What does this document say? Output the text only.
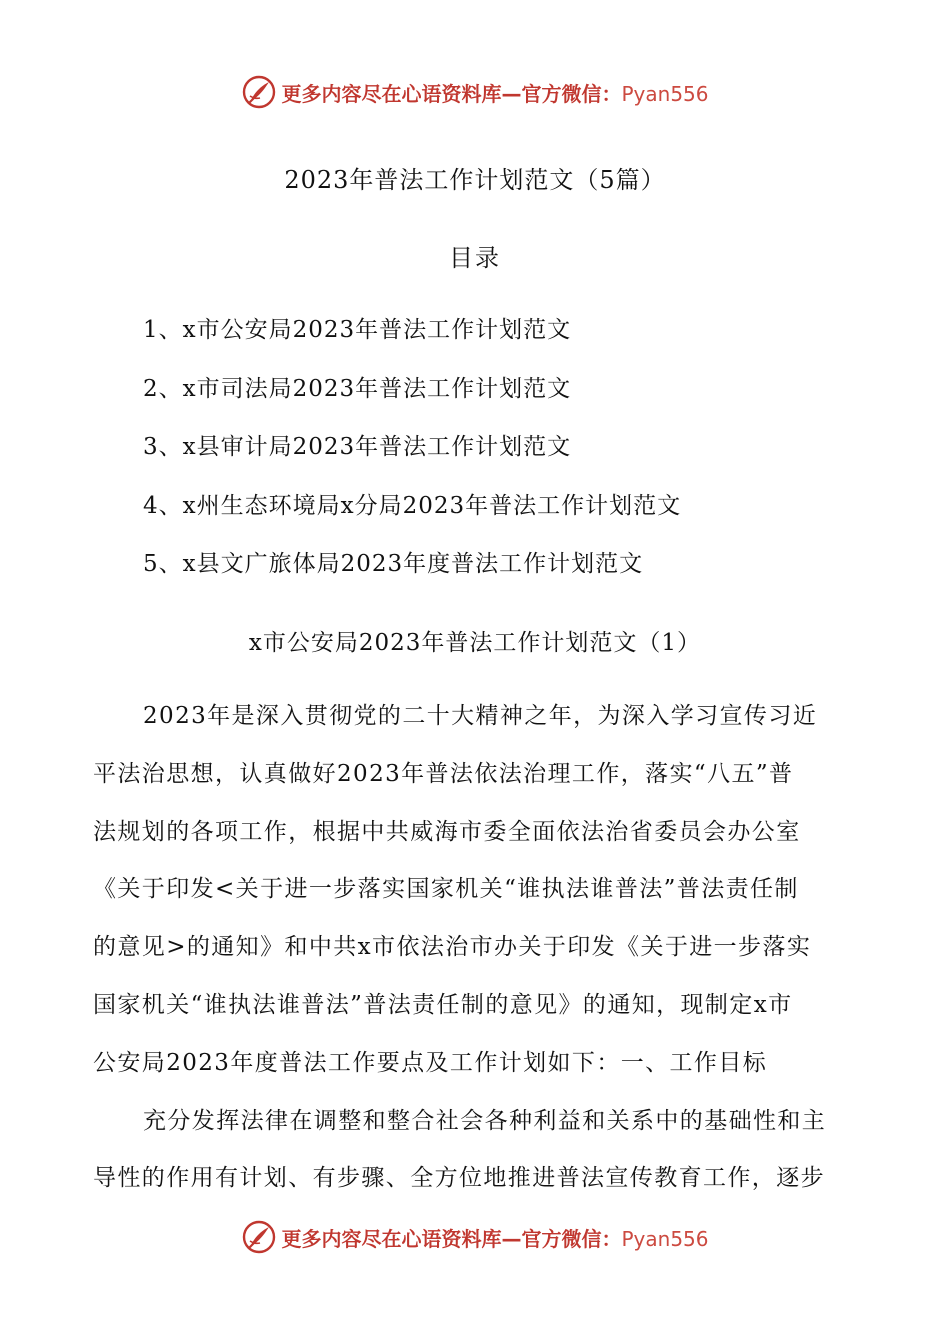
更多内容尽在心语资料库—官方微信：Pyan556
2023年普法工作计划范文（5篇）
目录
1、x市公安局2023年普法工作计划范文
2、x市司法局2023年普法工作计划范文
3、x县审计局2023年普法工作计划范文
4、x州生态环境局x分局2023年普法工作计划范文
5、x县文广旅体局2023年度普法工作计划范文
x市公安局2023年普法工作计划范文（1）
2023年是深入贯彻党的二十大精神之年，为深入学习宣传习近
平法治思想，认真做好2023年普法依法治理工作，落实“八五”普
法规划的各项工作，根据中共威海市委全面依法治省委员会办公室
《关于印发<关于进一步落实国家机关“谁执法谁普法”普法责任制
的意见>的通知》和中共x市依法治市办关于印发《关于进一步落实
国家机关“谁执法谁普法”普法责任制的意见》的通知，现制定x市
公安局2023年度普法工作要点及工作计划如下：一、工作目标
充分发挥法律在调整和整合社会各种利益和关系中的基础性和主
导性的作用有计划、有步骤、全方位地推进普法宣传教育工作，逐步
更多内容尽在心语资料库—官方微信：Pyan556
